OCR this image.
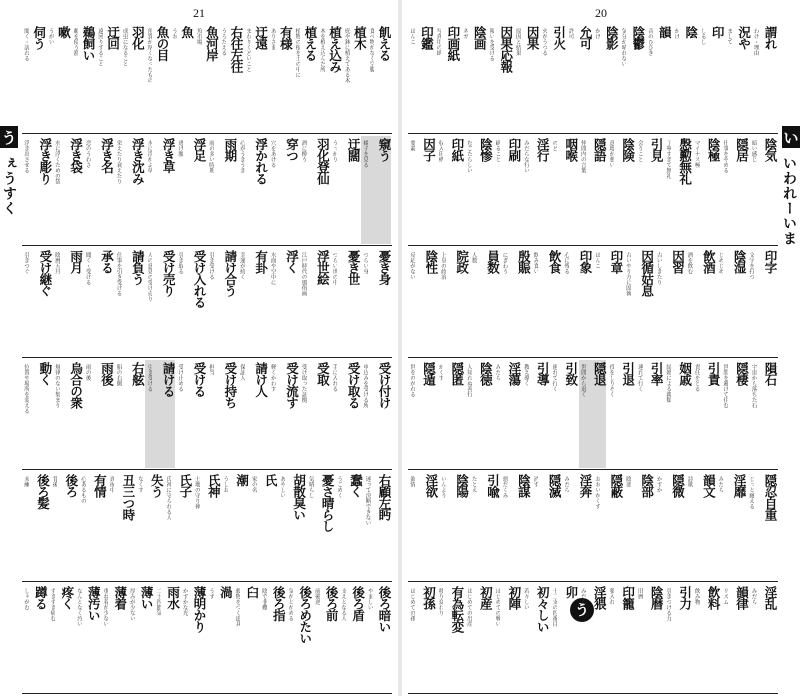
21
う
ぇうすく
飢える
食べ物がなく空腹
植木
庭や鉢に植えてある木
植え込み
木を植え込んだ所
植える
植物の根を土の中に
有様
ありさま
迂遠
まわりくどいこと
右往左往
うろたえる
魚河岸
魚市場
魚
うお
魚の目
角質が厚くなったもの
羽化
成虫になること
迂回
遠回りすること
鵜飼い
鵜を使う漁
嗽
うがい
伺う
聞く・訪れる
窺う
様子を見る
迂闊
うっかり
羽化登仙
酒に酔う
穿つ
穴をあける
浮かれる
心がうきうき
雨期
雨の多い時期
浮足
逃げ腰
浮き草
水に浮かぶ草
浮き沈み
栄えたり衰えたり
浮き名
恋のうわさ
浮き袋
水に浮くための袋
浮き彫り
浮き出させる
憂き身
つらい身
憂き世
つらい世の中
浮世絵
江戸時代の風俗画
浮く
水面や空中に
有卦
幸運が続く
請け合う
引き受ける
受け入れる
引き取る
受け売り
人の意見の受け売り
請負う
仕事を引き受ける
承る
聞く・受ける
雨月
陰暦五月
受け継ぐ
引きつぐ
受け付け
申込みを受ける所
受け取る
手に入れる
受取
受け取った証拠
受け流す
軽くかわす
請け人
保証人
受け持ち
担当
受ける
受け止める
請ける
引き受ける
右舷
船の右側
雨後
雨の後
烏合の衆
規律のない集まり
動く
位置や場所を変える
右顧左眄
迷って決断できない
蠢く
うごめく
憂さ晴らし
気晴らし
胡散臭い
あやしい
氏
家の名
潮
うしお
氏神
土地の守り神
氏子
氏神に守られる人
失う
なくす
丑三つ時
真夜中
有情
心あるもの
後ろ
背後
後ろ髪
未練
後ろ暗い
やましい
後ろ盾
支えとなる人
後ろ前
前後逆
後ろめたい
気がとがめる
後ろ指
陰で非難
臼
穀物をつく道具
渦
うず
薄明かり
かすかな光
雨水
二十四節気
薄い
厚みが少ない
薄着
重ね着が少ない
薄汚い
なんとなく汚い
疼く
ずきずき痛む
蹲る
しゃがむ
20
い
いわれーいま
う
謂れ
わけ・理由
況や
まして
印
しるし
陰
かげ
韻
音のひびき
陰鬱
気分が晴れない
陰影
かげ
允可
許可
引火
火がうつる
因果
原因と結果
因果応報
報いを受ける
陰画
ネガ
印画紙
写真用の紙
印鑑
はんこ
陰気
暗い感じ
隠居
仕事をやめる
陰極
マイナス極
慇懃無礼
丁寧すぎて無礼
引見
会うこと
陰険
意地が悪い
隠語
仲間内の言葉
咽喉
のど
淫行
みだらな行い
印刷
刷ること
陰惨
むごたらしい
印紙
収入印紙
因子
要素
印字
文字を打つ
陰湿
じめじめ
飲酒
酒を飲む
因習
古いしきたり
因循姑息
古いやり方に固執
印章
はんこ
印象
心に残る
飲食
飲み食い
殷賑
にぎわう
員数
人数
院政
上皇の政治
陰性
反応がない
隕石
宇宙から落ちた石
隠棲
世間を避けて住む
引責
責任をとる
姻戚
結婚による親類
引率
連れて行く
引退
役をしりぞく
隠退
世間から退く
引致
連れて行く
引導
教え導く
淫蕩
みだら
陰徳
人知れぬ善行
隠匿
かくす
隠遁
世をのがれる
隠忍自重
じっと耐える
淫靡
みだら
韻文
詩歌
隠微
かすか
陰部
陰部
隠蔽
おおいかくす
淫奔
みだら
隠滅
消す
陰謀
悪だくみ
引喩
たとえ
陰陽
いんよう
淫欲
欲情
淫乱
みだら
韻律
リズム
飲料
飲み物
引力
引きつける力
陰暦
旧暦
印籠
薬入れ
淫猥
みだら
卯
十二支の四番目
初々しい
若々しい
初陣
はじめての戦い
初産
はじめての出産
有為転変
移り変わり
初孫
はじめての孫
